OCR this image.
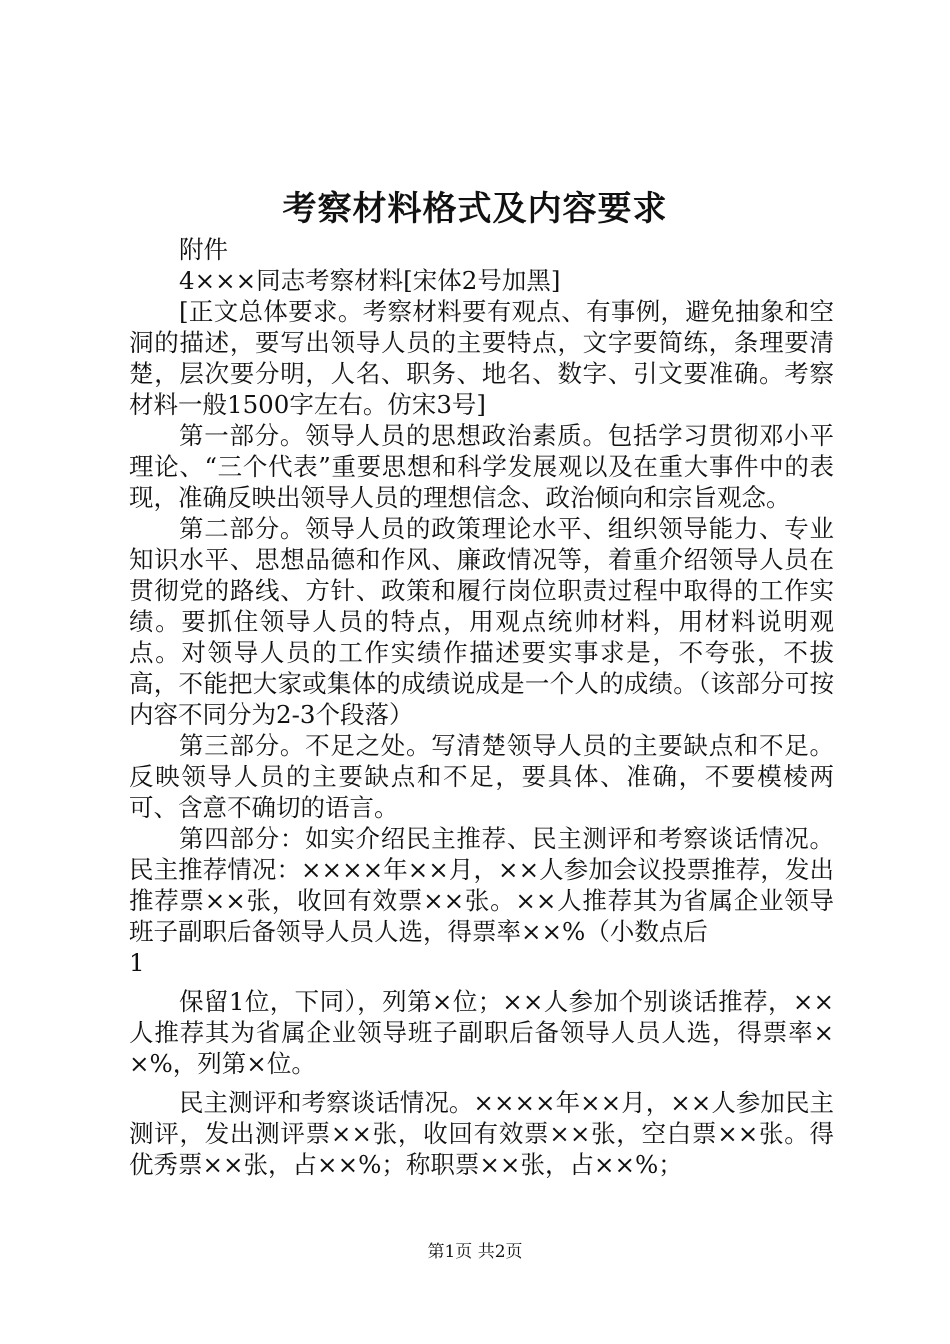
考察材料格式及内容要求

附件

4×××同志考察材料[宋体2号加黑]

[正文总体要求。考察材料要有观点、有事例，避免抽象和空洞的描述，要写出领导人员的主要特点，文字要简练，条理要清楚，层次要分明，人名、职务、地名、数字、引文要准确。考察材料一般1500字左右。仿宋3号]

第一部分。领导人员的思想政治素质。包括学习贯彻邓小平理论、“三个代表”重要思想和科学发展观以及在重大事件中的表现，准确反映出领导人员的理想信念、政治倾向和宗旨观念。

第二部分。领导人员的政策理论水平、组织领导能力、专业知识水平、思想品德和作风、廉政情况等，着重介绍领导人员在贯彻党的路线、方针、政策和履行岗位职责过程中取得的工作实绩。要抓住领导人员的特点，用观点统帅材料，用材料说明观点。对领导人员的工作实绩作描述要实事求是，不夸张，不拔高，不能把大家或集体的成绩说成是一个人的成绩。（该部分可按内容不同分为2-3个段落）

第三部分。不足之处。写清楚领导人员的主要缺点和不足。反映领导人员的主要缺点和不足，要具体、准确，不要模棱两可、含意不确切的语言。

第四部分：如实介绍民主推荐、民主测评和考察谈话情况。民主推荐情况：××××年××月，××人参加会议投票推荐，发出推荐票××张，收回有效票××张。××人推荐其为省属企业领导班子副职后备领导人员人选，得票率××%（小数点后

1

保留1位，下同），列第×位；××人参加个别谈话推荐，××人推荐其为省属企业领导班子副职后备领导人员人选，得票率××%，列第×位。

民主测评和考察谈话情况。××××年××月，××人参加民主测评，发出测评票××张，收回有效票××张，空白票××张。得优秀票××张，占××%；称职票××张，占××%；

第1页 共2页
